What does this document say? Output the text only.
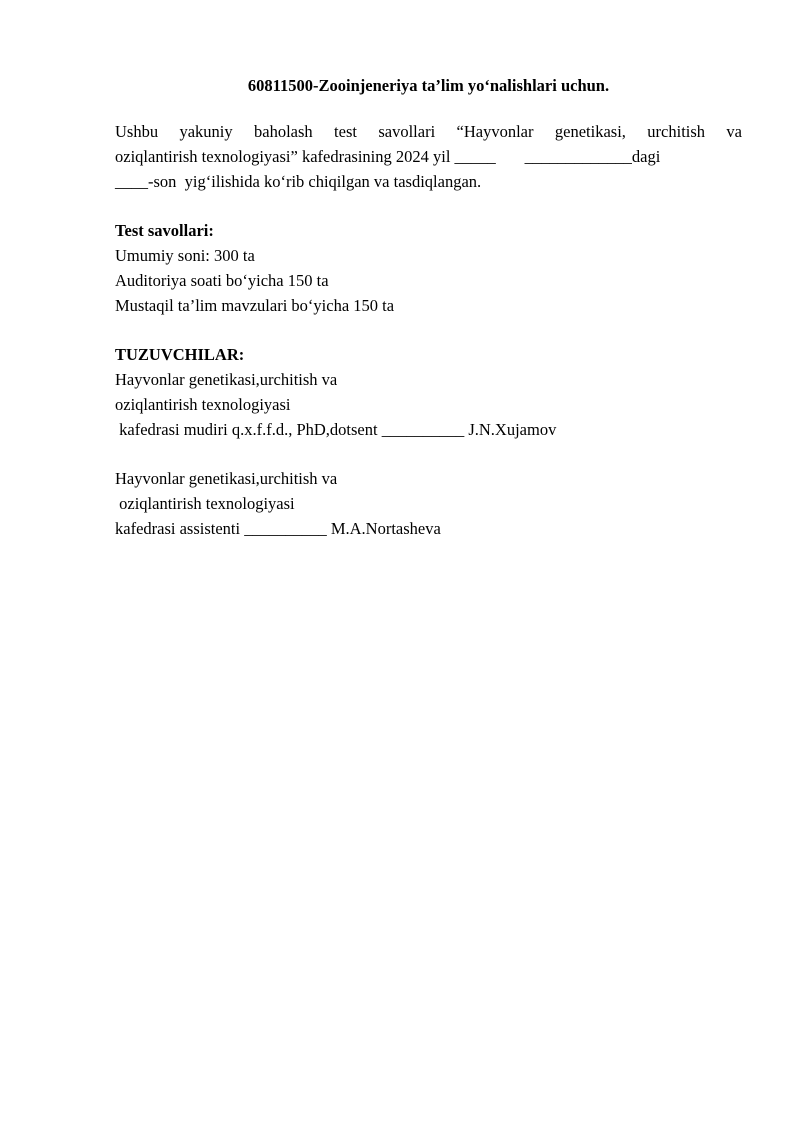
60811500-Zooinjeneriya ta’lim yo‘nalishlari uchun.
Ushbu yakuniy baholash test savollari “Hayvonlar genetikasi, urchitish va
oziqlantirish texnologiyasi” kafedrasining 2024 yil _____       _____________dagi
____-son  yig‘ilishida ko‘rib chiqilgan va tasdiqlangan.
Test savollari:
Umumiy soni: 300 ta
Auditoriya soati bo‘yicha 150 ta
Mustaqil ta’lim mavzulari bo‘yicha 150 ta
TUZUVCHILAR:
Hayvonlar genetikasi,urchitish va
oziqlantirish texnologiyasi
kafedrasi mudiri q.x.f.f.d., PhD,dotsent __________ J.N.Xujamov
Hayvonlar genetikasi,urchitish va
oziqlantirish texnologiyasi
kafedrasi assistenti __________ M.A.Nortasheva
